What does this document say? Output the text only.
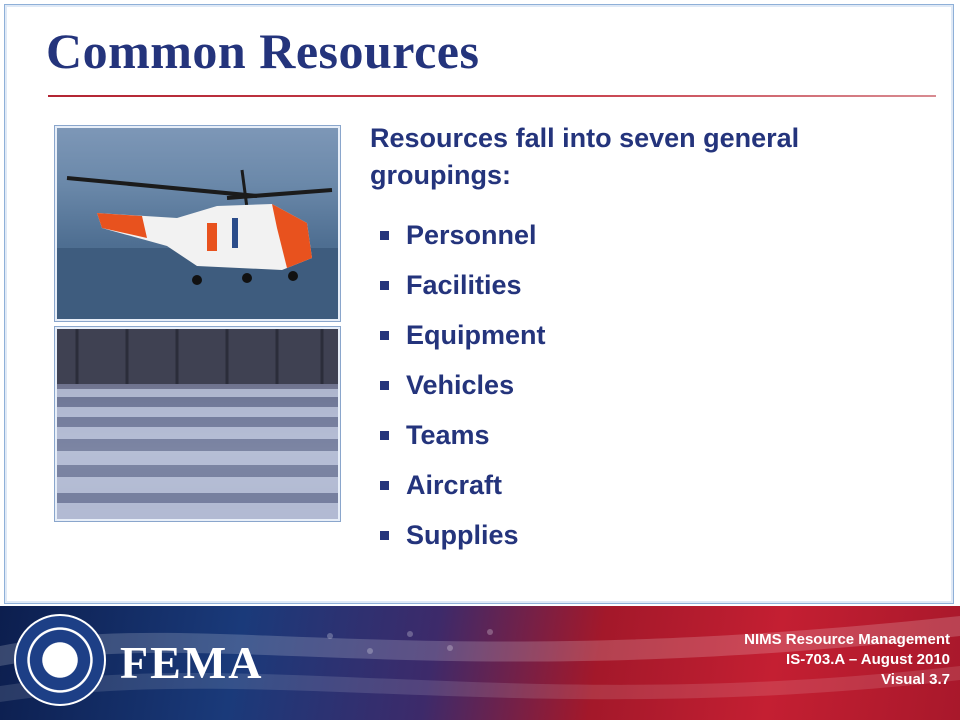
Common Resources
Resources fall into seven general groupings:
Personnel
Facilities
Equipment
Vehicles
Teams
Aircraft
Supplies
FEMA	NIMS Resource Management
IS-703.A – August 2010
Visual 3.7
